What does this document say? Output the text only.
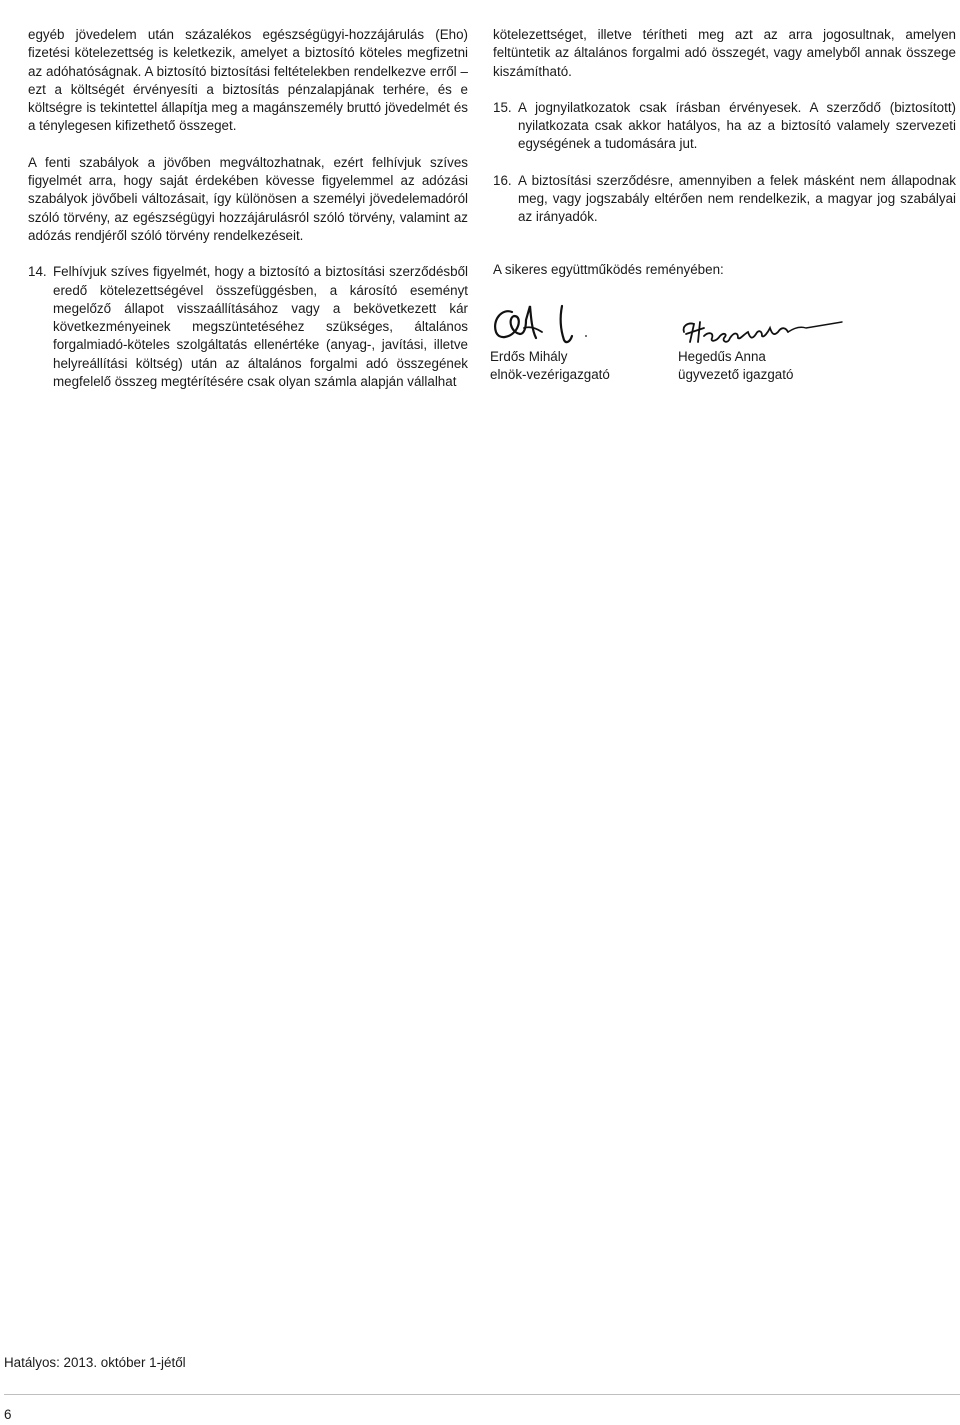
egyéb jövedelem után százalékos egészségügyi-hozzájárulás (Eho) fizetési kötelezettség is keletkezik, amelyet a biztosító köteles megfizetni az adóhatóságnak. A biztosító biztosítási feltételekben rendelkezve erről – ezt a költségét érvényesíti a biztosítás pénzalapjának terhére, és e költségre is tekintettel állapítja meg a magánszemély bruttó jövedelmét és a ténylegesen kifizethető összeget.

A fenti szabályok a jövőben megváltozhatnak, ezért felhívjuk szíves figyelmét arra, hogy saját érdekében kövesse figyelemmel az adózási szabályok jövőbeli változásait, így különösen a személyi jövedelemadóról szóló törvény, az egészségügyi hozzájárulásról szóló törvény, valamint az adózás rendjéről szóló törvény rendelkezéseit.

14. Felhívjuk szíves figyelmét, hogy a biztosító a biztosítási szerződésből eredő kötelezettségével összefüggésben, a károsító eseményt megelőző állapot visszaállításához vagy a bekövetkezett kár következményeinek megszüntetéséhez szükséges, általános forgalmiadó-köteles szolgáltatás ellenértéke (anyag-, javítási, illetve helyreállítási költség) után az általános forgalmi adó összegének megfelelő összeg megtérítésére csak olyan számla alapján vállalhat

kötelezettséget, illetve térítheti meg azt az arra jogosultnak, amelyen feltüntetik az általános forgalmi adó összegét, vagy amelyből annak összege kiszámítható.

15. A jognyilatkozatok csak írásban érvényesek. A szerződő (biztosított) nyilatkozata csak akkor hatályos, ha az a biztosító valamely szervezeti egységének a tudomására jut.
16. A biztosítási szerződésre, amennyiben a felek másként nem állapodnak meg, vagy jogszabály eltérően nem rendelkezik, a magyar jog szabályai az irányadók.
A sikeres együttműködés reményében:
Erdős Mihály
elnök-vezérigazgató
Hegedűs Anna
ügyvezető igazgató
Hatályos: 2013. október 1-jétől
6
